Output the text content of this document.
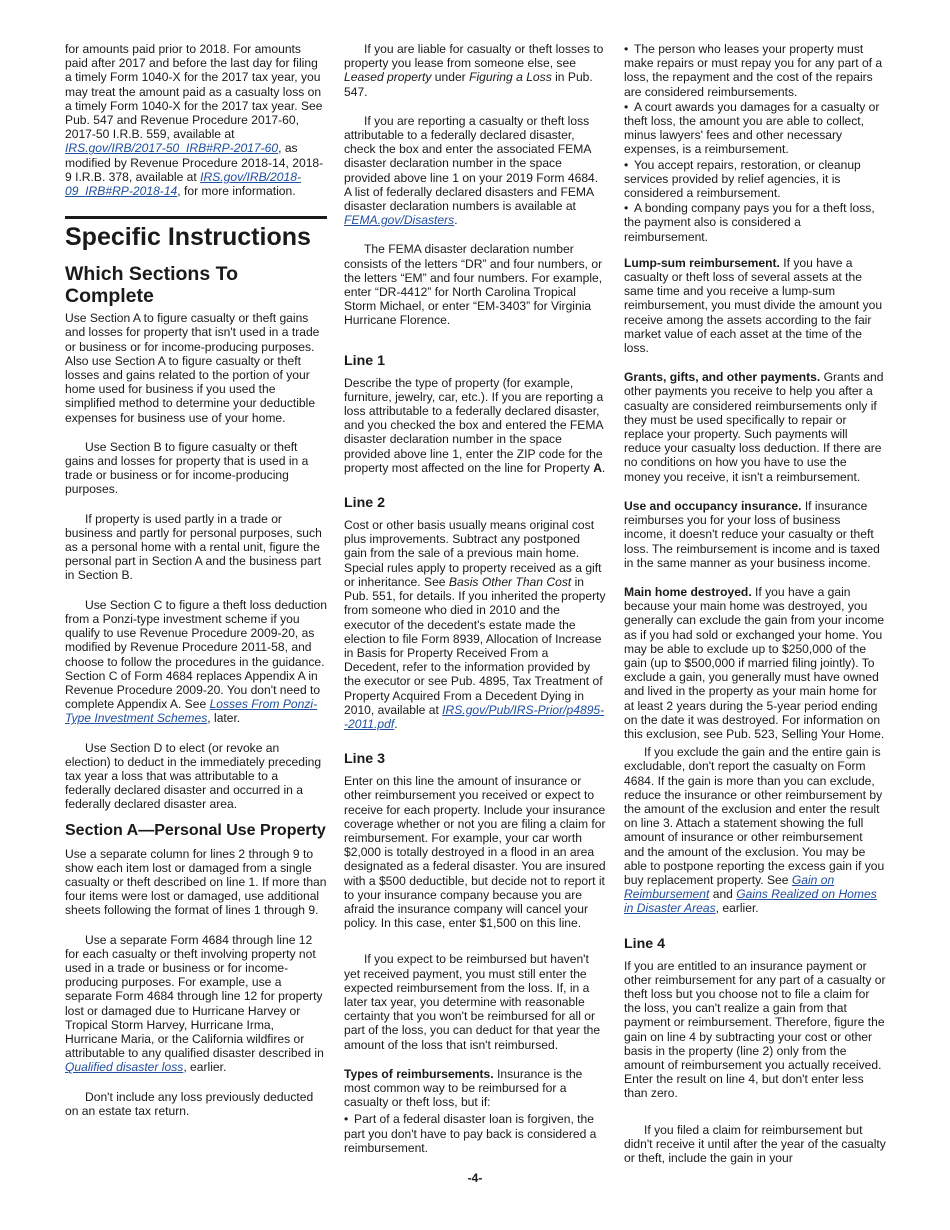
for amounts paid prior to 2018. For amounts paid after 2017 and before the last day for filing a timely Form 1040-X for the 2017 tax year, you may treat the amount paid as a casualty loss on a timely Form 1040-X for the 2017 tax year. See Pub. 547 and Revenue Procedure 2017-60, 2017-50 I.R.B. 559, available at IRS.gov/IRB/2017-50_IRB#RP-2017-60, as modified by Revenue Procedure 2018-14, 2018-9 I.R.B. 378, available at IRS.gov/IRB/2018-09_IRB#RP-2018-14, for more information.

Specific Instructions
Which Sections To Complete

Use Section A to figure casualty or theft gains and losses for property that isn't used in a trade or business or for income-producing purposes. Also use Section A to figure casualty or theft losses and gains related to the portion of your home used for business if you used the simplified method to determine your deductible expenses for business use of your home.

Use Section B to figure casualty or theft gains and losses for property that is used in a trade or business or for income-producing purposes.

If property is used partly in a trade or business and partly for personal purposes, such as a personal home with a rental unit, figure the personal part in Section A and the business part in Section B.

Use Section C to figure a theft loss deduction from a Ponzi-type investment scheme if you qualify to use Revenue Procedure 2009-20, as modified by Revenue Procedure 2011-58, and choose to follow the procedures in the guidance. Section C of Form 4684 replaces Appendix A in Revenue Procedure 2009-20. You don't need to complete Appendix A. See Losses From Ponzi-Type Investment Schemes, later.

Use Section D to elect (or revoke an election) to deduct in the immediately preceding tax year a loss that was attributable to a federally declared disaster and occurred in a federally declared disaster area.

Section A—Personal Use Property

Use a separate column for lines 2 through 9 to show each item lost or damaged from a single casualty or theft described on line 1. If more than four items were lost or damaged, use additional sheets following the format of lines 1 through 9.

Use a separate Form 4684 through line 12 for each casualty or theft involving property not used in a trade or business or for income-producing purposes. For example, use a separate Form 4684 through line 12 for property lost or damaged due to Hurricane Harvey or Tropical Storm Harvey, Hurricane Irma, Hurricane Maria, or the California wildfires or attributable to any qualified disaster described in Qualified disaster loss, earlier.

Don't include any loss previously deducted on an estate tax return.

If you are liable for casualty or theft losses to property you lease from someone else, see Leased property under Figuring a Loss in Pub. 547.

If you are reporting a casualty or theft loss attributable to a federally declared disaster, check the box and enter the associated FEMA disaster declaration number in the space provided above line 1 on your 2019 Form 4684. A list of federally declared disasters and FEMA disaster declaration numbers is available at FEMA.gov/Disasters.

The FEMA disaster declaration number consists of the letters “DR” and four numbers, or the letters “EM” and four numbers. For example, enter “DR-4412” for North Carolina Tropical Storm Michael, or enter “EM-3403” for Virginia Hurricane Florence.

Line 1

Describe the type of property (for example, furniture, jewelry, car, etc.). If you are reporting a loss attributable to a federally declared disaster, and you checked the box and entered the FEMA disaster declaration number in the space provided above line 1, enter the ZIP code for the property most affected on the line for Property A.

Line 2

Cost or other basis usually means original cost plus improvements. Subtract any postponed gain from the sale of a previous main home. Special rules apply to property received as a gift or inheritance. See Basis Other Than Cost in Pub. 551, for details. If you inherited the property from someone who died in 2010 and the executor of the decedent's estate made the election to file Form 8939, Allocation of Increase in Basis for Property Received From a Decedent, refer to the information provided by the executor or see Pub. 4895, Tax Treatment of Property Acquired From a Decedent Dying in 2010, available at IRS.gov/Pub/IRS-Prior/p4895--2011.pdf.

Line 3

Enter on this line the amount of insurance or other reimbursement you received or expect to receive for each property. Include your insurance coverage whether or not you are filing a claim for reimbursement. For example, your car worth $2,000 is totally destroyed in a flood in an area designated as a federal disaster. You are insured with a $500 deductible, but decide not to report it to your insurance company because you are afraid the insurance company will cancel your policy. In this case, enter $1,500 on this line.

If you expect to be reimbursed but haven't yet received payment, you must still enter the expected reimbursement from the loss. If, in a later tax year, you determine with reasonable certainty that you won't be reimbursed for all or part of the loss, you can deduct for that year the amount of the loss that isn't reimbursed.

Types of reimbursements. Insurance is the most common way to be reimbursed for a casualty or theft loss, but if:

• Part of a federal disaster loan is forgiven, the part you don't have to pay back is considered a reimbursement.

• The person who leases your property must make repairs or must repay you for any part of a loss, the repayment and the cost of the repairs are considered reimbursements.

• A court awards you damages for a casualty or theft loss, the amount you are able to collect, minus lawyers' fees and other necessary expenses, is a reimbursement.

• You accept repairs, restoration, or cleanup services provided by relief agencies, it is considered a reimbursement.

• A bonding company pays you for a theft loss, the payment also is considered a reimbursement.

Lump-sum reimbursement. If you have a casualty or theft loss of several assets at the same time and you receive a lump-sum reimbursement, you must divide the amount you receive among the assets according to the fair market value of each asset at the time of the loss.

Grants, gifts, and other payments. Grants and other payments you receive to help you after a casualty are considered reimbursements only if they must be used specifically to repair or replace your property. Such payments will reduce your casualty loss deduction. If there are no conditions on how you have to use the money you receive, it isn't a reimbursement.

Use and occupancy insurance. If insurance reimburses you for your loss of business income, it doesn't reduce your casualty or theft loss. The reimbursement is income and is taxed in the same manner as your business income.

Main home destroyed. If you have a gain because your main home was destroyed, you generally can exclude the gain from your income as if you had sold or exchanged your home. You may be able to exclude up to $250,000 of the gain (up to $500,000 if married filing jointly). To exclude a gain, you generally must have owned and lived in the property as your main home for at least 2 years during the 5-year period ending on the date it was destroyed. For information on this exclusion, see Pub. 523, Selling Your Home.

If you exclude the gain and the entire gain is excludable, don't report the casualty on Form 4684. If the gain is more than you can exclude, reduce the insurance or other reimbursement by the amount of the exclusion and enter the result on line 3. Attach a statement showing the full amount of insurance or other reimbursement and the amount of the exclusion. You may be able to postpone reporting the excess gain if you buy replacement property. See Gain on Reimbursement and Gains Realized on Homes in Disaster Areas, earlier.

Line 4

If you are entitled to an insurance payment or other reimbursement for any part of a casualty or theft loss but you choose not to file a claim for the loss, you can't realize a gain from that payment or reimbursement. Therefore, figure the gain on line 4 by subtracting your cost or other basis in the property (line 2) only from the amount of reimbursement you actually received. Enter the result on line 4, but don't enter less than zero.

If you filed a claim for reimbursement but didn't receive it until after the year of the casualty or theft, include the gain in your

-4-
